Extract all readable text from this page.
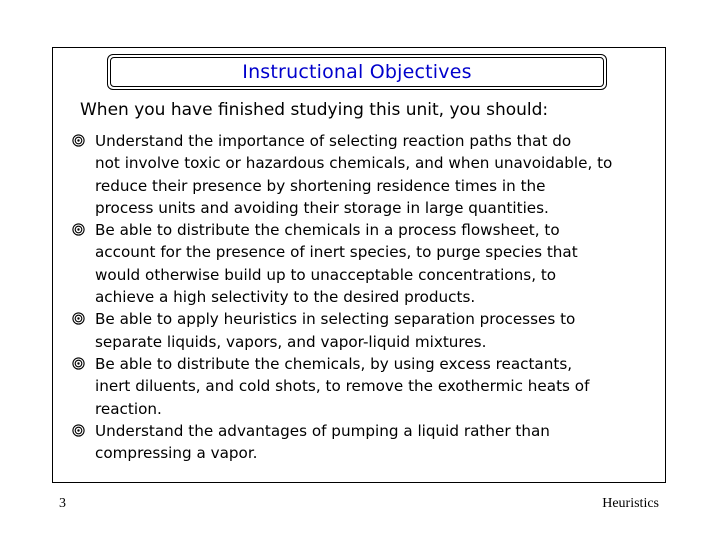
Instructional Objectives
When you have finished studying this unit, you should:
Understand the importance of selecting reaction paths that do
not involve toxic or hazardous chemicals, and when unavoidable, to
reduce their presence by shortening residence times in the
process units and avoiding their storage in large quantities.
Be able to distribute the chemicals in a process flowsheet, to
account for the presence of inert species, to purge species that
would otherwise build up to unacceptable concentrations, to
achieve a high selectivity to the desired products.
Be able to apply heuristics in selecting separation processes to
separate liquids, vapors, and vapor-liquid mixtures.
Be able to distribute the chemicals, by using excess reactants,
inert diluents, and cold shots, to remove the exothermic heats of
reaction.
Understand the advantages of pumping a liquid rather than
compressing a vapor.
3	Heuristics
